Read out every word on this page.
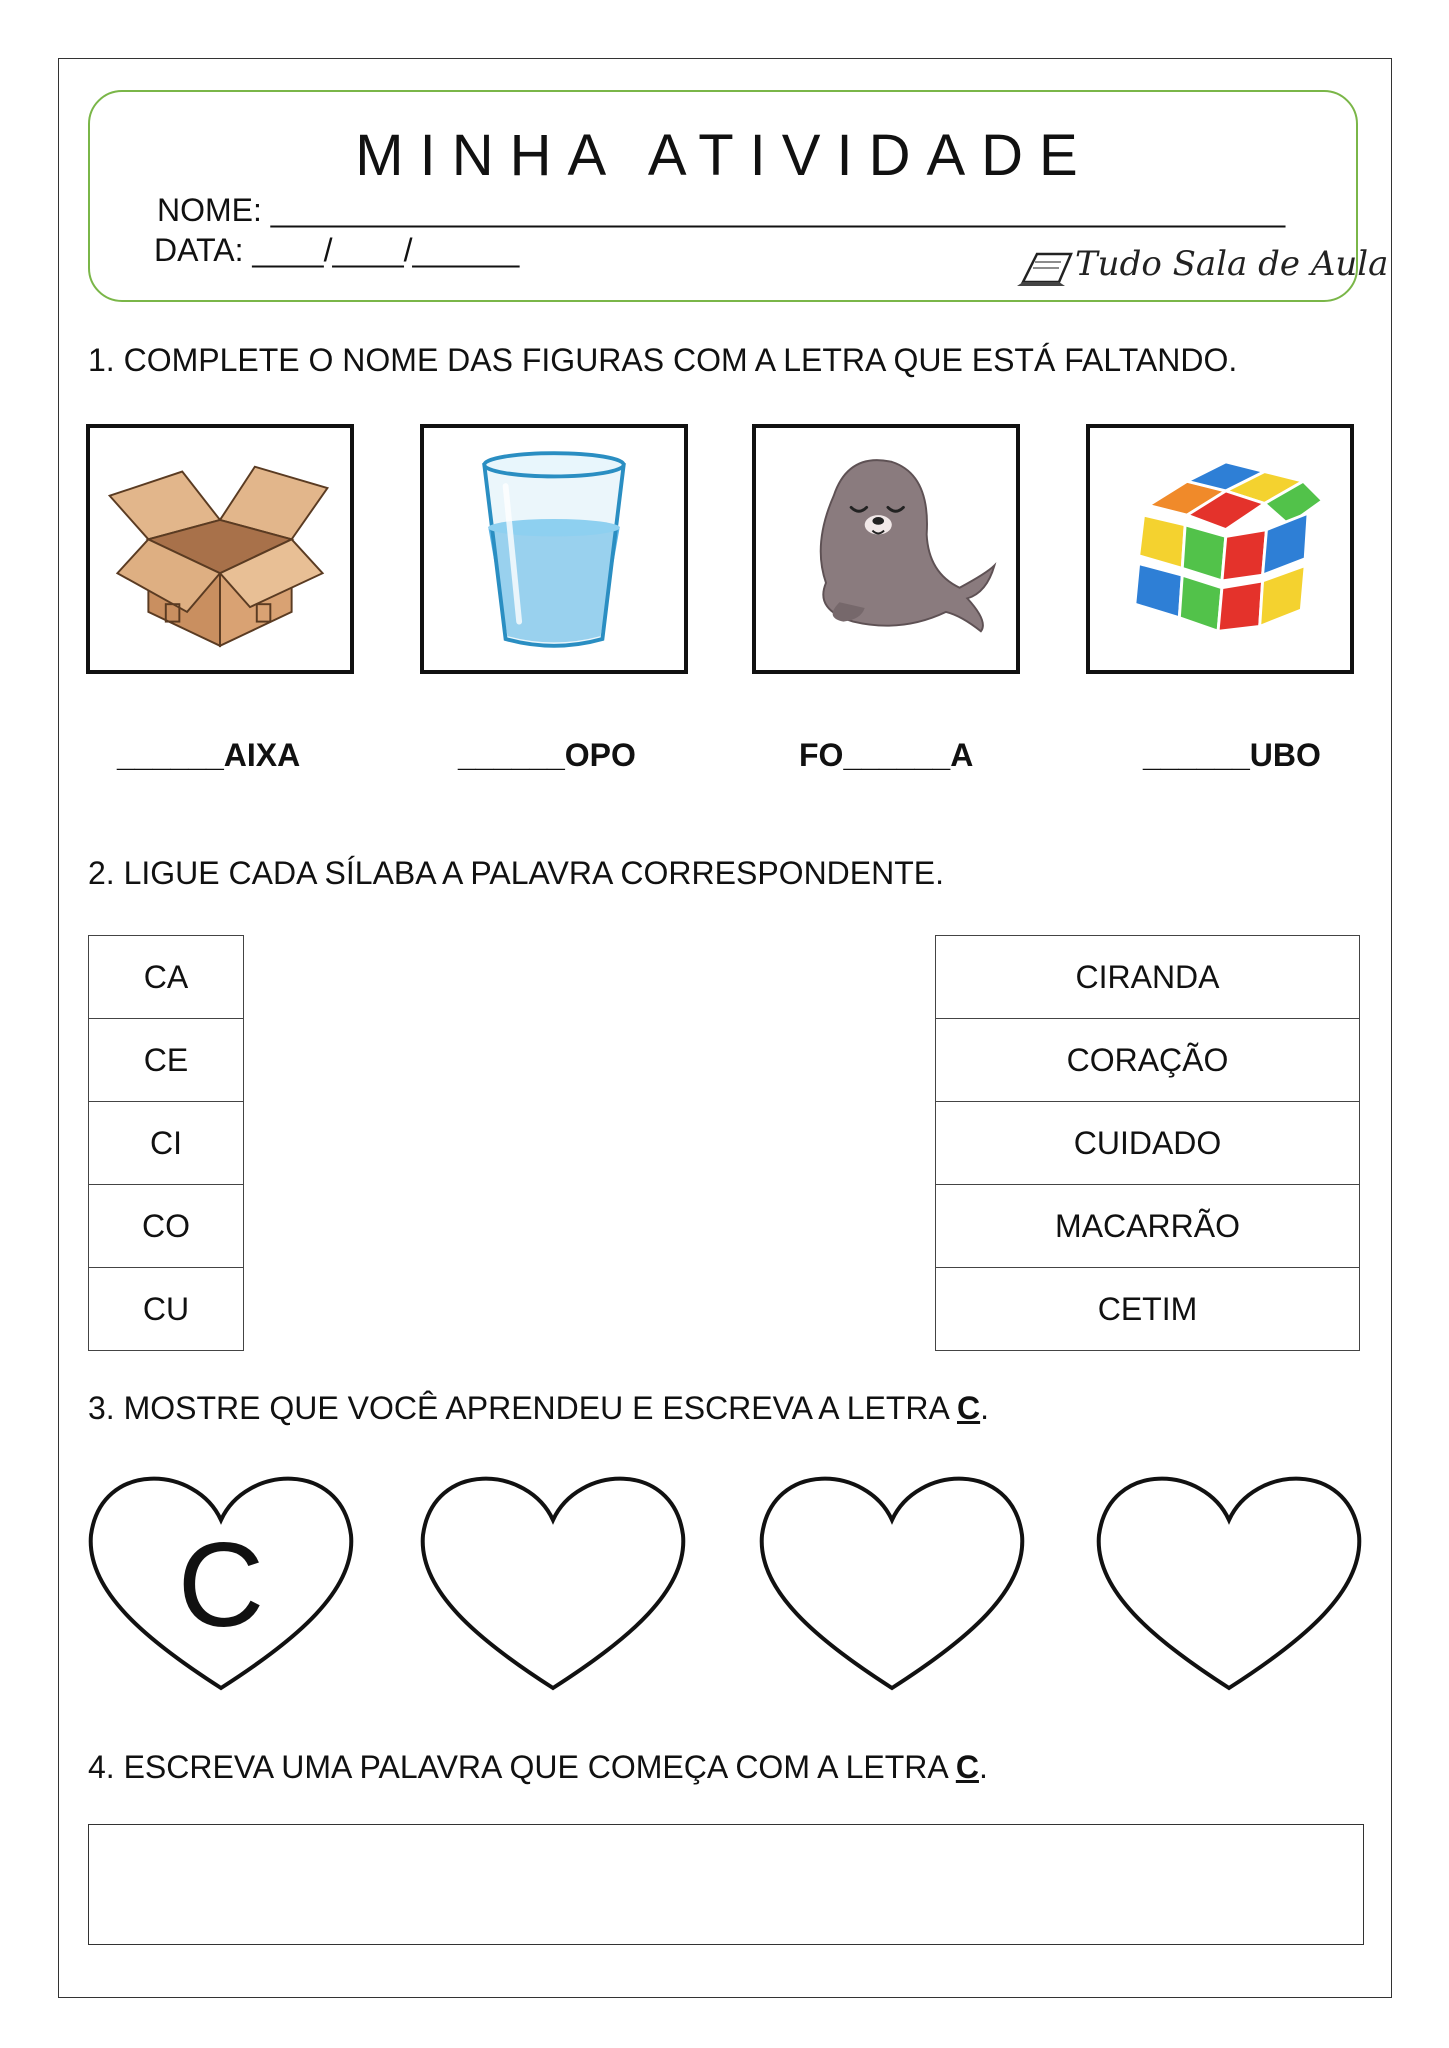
MINHA ATIVIDADE
NOME: _________________________________________________________
DATA: ____/____/______	Tudo Sala de Aula
1. COMPLETE O NOME DAS FIGURAS COM A LETRA QUE ESTÁ FALTANDO.
______AIXA	______OPO	FO______A	______UBO
2. LIGUE CADA SÍLABA A PALAVRA CORRESPONDENTE.
CA
CE
CI
CO
CU
CIRANDA
CORAÇÃO
CUIDADO
MACARRÃO
CETIM
3. MOSTRE QUE VOCÊ APRENDEU E ESCREVA A LETRA C.
C
4. ESCREVA UMA PALAVRA QUE COMEÇA COM A LETRA C.
